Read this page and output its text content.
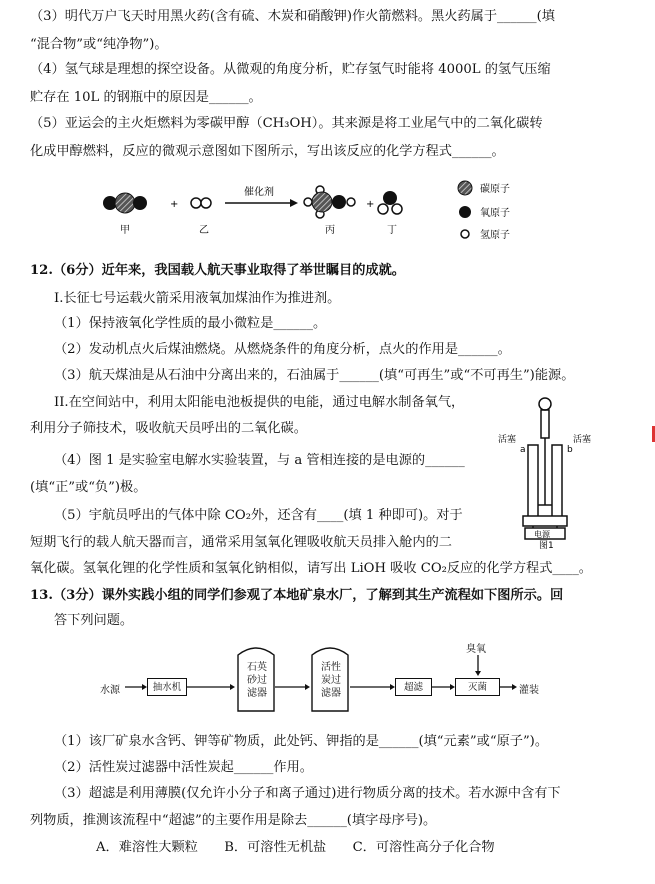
（3）明代万户飞天时用黑火药(含有硫、木炭和硝酸钾)作火箭燃料。黑火药属于______(填
“混合物”或“纯净物”)。
（4）氢气球是理想的探空设备。从微观的角度分析，贮存氢气时能将 4000L 的氢气压缩
贮存在 10L 的钢瓶中的原因是______。
（5）亚运会的主火炬燃料为零碳甲醇（CH₃OH）。其来源是将工业尾气中的二氧化碳转
化成甲醇燃料，反应的微观示意图如下图所示，写出该反应的化学方程式______。
+
催化剂
+
甲	乙	丙	丁
碳原子
氧原子
氢原子
12.（6分）近年来，我国载人航天事业取得了举世瞩目的成就。
I.长征七号运载火箭采用液氧加煤油作为推进剂。
（1）保持液氧化学性质的最小微粒是______。
（2）发动机点火后煤油燃烧。从燃烧条件的角度分析，点火的作用是______。
（3）航天煤油是从石油中分离出来的，石油属于______(填“可再生”或“不可再生”)能源。
II.在空间站中，利用太阳能电池板提供的电能，通过电解水制备氧气，
利用分子筛技术，吸收航天员呼出的二氧化碳。
（4）图 1 是实验室电解水实验装置，与 a 管相连接的是电源的______
(填“正”或“负”)极。
（5）宇航员呼出的气体中除 CO₂外，还含有____(填 1 种即可)。对于
短期飞行的载人航天器而言，通常采用氢氧化锂吸收航天员排入舱内的二
氧化碳。氢氧化锂的化学性质和氢氧化钠相似，请写出 LiOH 吸收 CO₂反应的化学方程式____。
电源
活塞	活塞
a	b
图1
13.（3分）课外实践小组的同学们参观了本地矿泉水厂，了解到其生产流程如下图所示。回
答下列问题。
水源	抽水机
石英
砂过
滤器
活性
炭过
滤器
超滤	灭菌
臭氧
灌装
（1）该厂矿泉水含钙、钾等矿物质，此处钙、钾指的是______(填“元素”或“原子”)。
（2）活性炭过滤器中活性炭起______作用。
（3）超滤是利用薄膜(仅允许小分子和离子通过)进行物质分离的技术。若水源中含有下
列物质，推测该流程中“超滤”的主要作用是除去______(填字母序号)。
A．难溶性大颗粒　　B．可溶性无机盐　　C．可溶性高分子化合物
